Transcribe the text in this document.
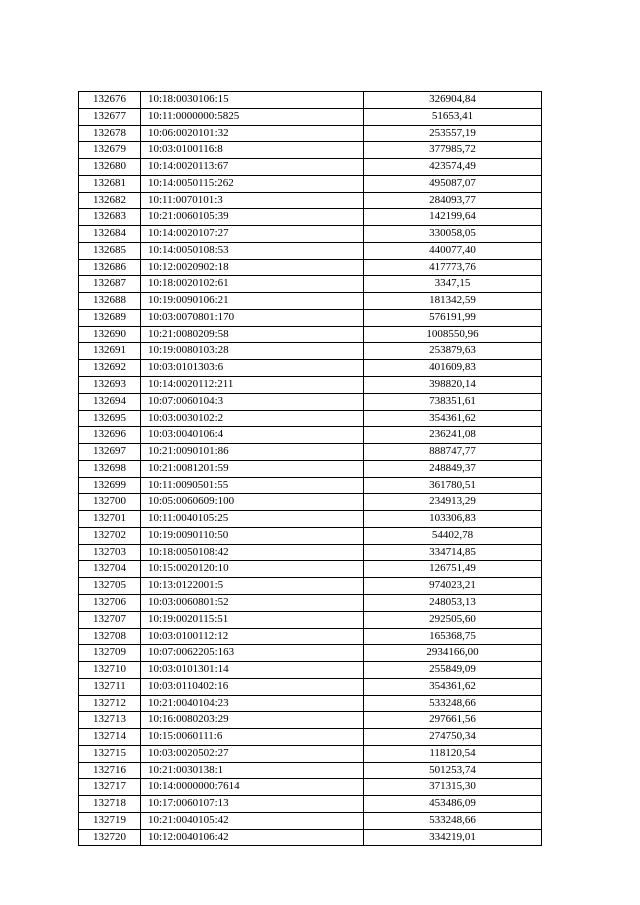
132676	10:18:0030106:15	326904,84
132677	10:11:0000000:5825	51653,41
132678	10:06:0020101:32	253557,19
132679	10:03:0100116:8	377985,72
132680	10:14:0020113:67	423574,49
132681	10:14:0050115:262	495087,07
132682	10:11:0070101:3	284093,77
132683	10:21:0060105:39	142199,64
132684	10:14:0020107:27	330058,05
132685	10:14:0050108:53	440077,40
132686	10:12:0020902:18	417773,76
132687	10:18:0020102:61	3347,15
132688	10:19:0090106:21	181342,59
132689	10:03:0070801:170	576191,99
132690	10:21:0080209:58	1008550,96
132691	10:19:0080103:28	253879,63
132692	10:03:0101303:6	401609,83
132693	10:14:0020112:211	398820,14
132694	10:07:0060104:3	738351,61
132695	10:03:0030102:2	354361,62
132696	10:03:0040106:4	236241,08
132697	10:21:0090101:86	888747,77
132698	10:21:0081201:59	248849,37
132699	10:11:0090501:55	361780,51
132700	10:05:0060609:100	234913,29
132701	10:11:0040105:25	103306,83
132702	10:19:0090110:50	54402,78
132703	10:18:0050108:42	334714,85
132704	10:15:0020120:10	126751,49
132705	10:13:0122001:5	974023,21
132706	10:03:0060801:52	248053,13
132707	10:19:0020115:51	292505,60
132708	10:03:0100112:12	165368,75
132709	10:07:0062205:163	2934166,00
132710	10:03:0101301:14	255849,09
132711	10:03:0110402:16	354361,62
132712	10:21:0040104:23	533248,66
132713	10:16:0080203:29	297661,56
132714	10:15:0060111:6	274750,34
132715	10:03:0020502:27	118120,54
132716	10:21:0030138:1	501253,74
132717	10:14:0000000:7614	371315,30
132718	10:17:0060107:13	453486,09
132719	10:21:0040105:42	533248,66
132720	10:12:0040106:42	334219,01
